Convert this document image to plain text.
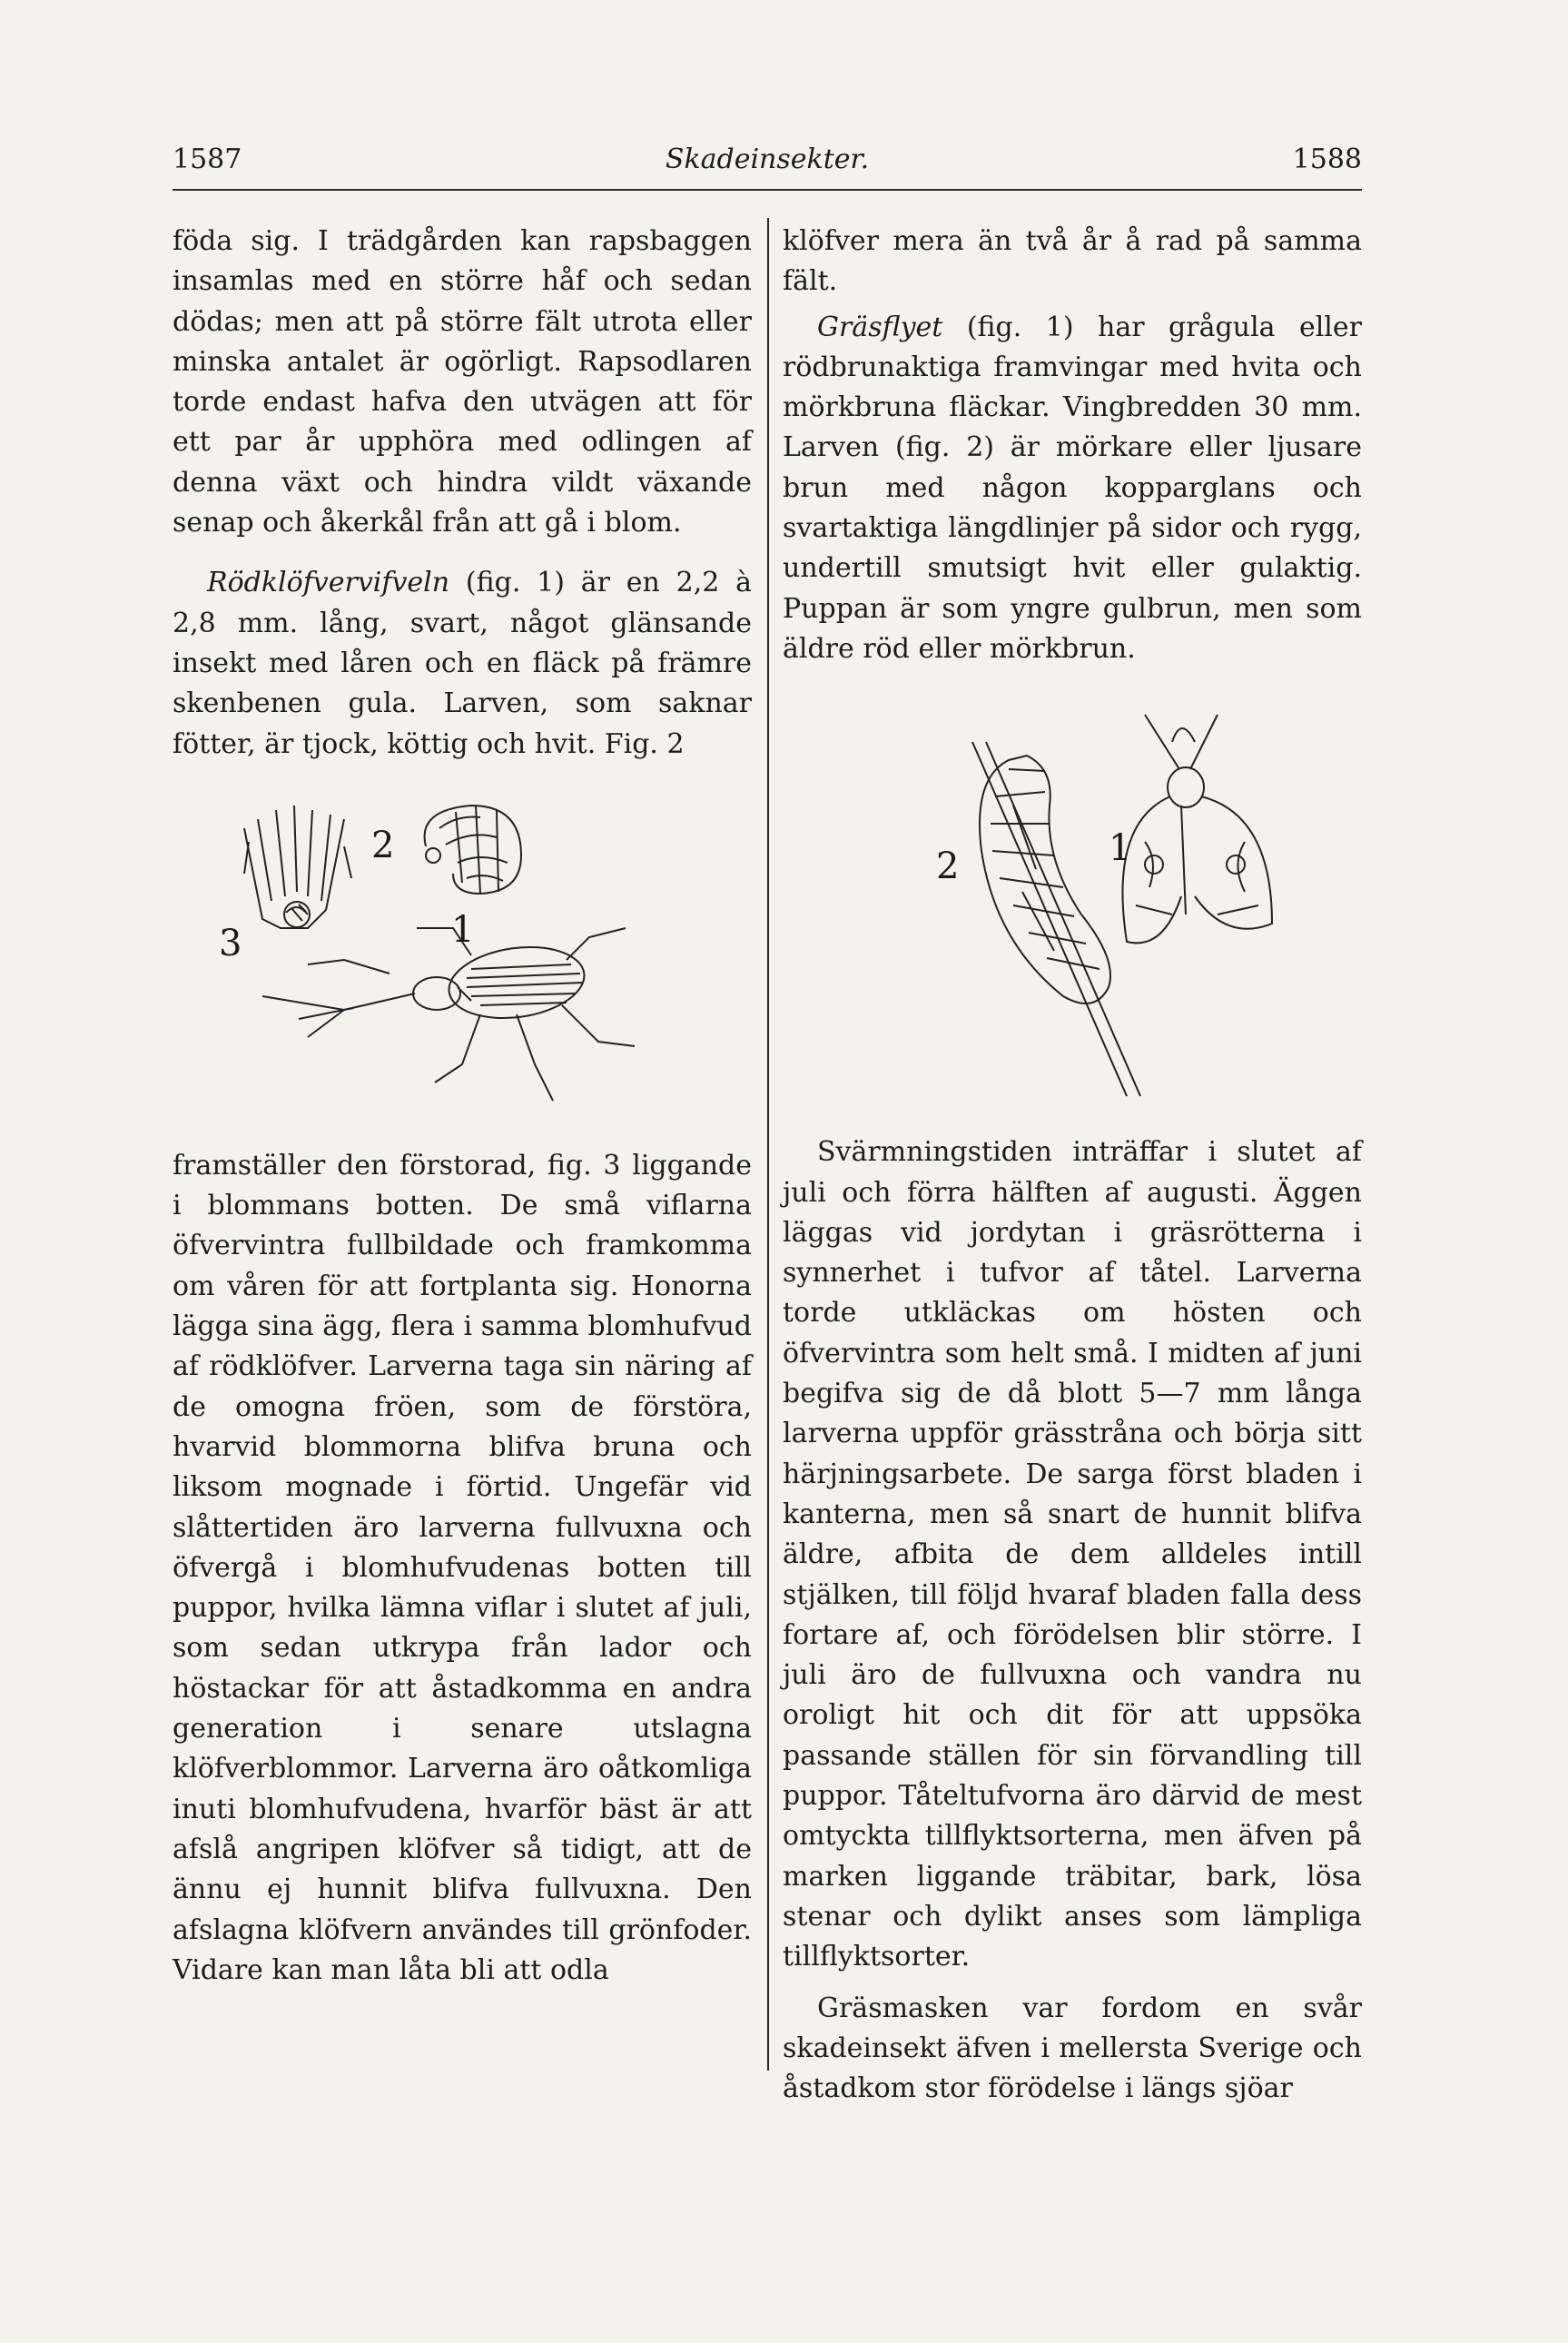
1587	Skadeinsekter.	1588

föda sig. I trädgården kan rapsbaggen insamlas med en större håf och sedan dödas; men att på större fält utrota eller minska antalet är ogörligt. Rapsodlaren torde endast hafva den utvägen att för ett par år upphöra med odlingen af denna växt och hindra vildt växande senap och åkerkål från att gå i blom.

Rödklöfvervifveln (fig. 1) är en 2,2 à 2,8 mm. lång, svart, något glänsande insekt med låren och en fläck på främre skenbenen gula. Larven, som saknar fötter, är tjock, köttig och hvit. Fig. 2

2
3	1

framställer den förstorad, fig. 3 liggande i blommans botten. De små viflarna öfvervintra fullbildade och framkomma om våren för att fortplanta sig. Honorna lägga sina ägg, flera i samma blomhufvud af rödklöfver. Larverna taga sin näring af de omogna fröen, som de förstöra, hvarvid blommorna blifva bruna och liksom mognade i förtid. Ungefär vid slåttertiden äro larverna fullvuxna och öfvergå i blomhufvudenas botten till puppor, hvilka lämna viflar i slutet af juli, som sedan utkrypa från lador och höstackar för att åstadkomma en andra generation i senare utslagna klöfverblommor. Larverna äro oåtkomliga inuti blomhufvudena, hvarför bäst är att afslå angripen klöfver så tidigt, att de ännu ej hunnit blifva fullvuxna. Den afslagna klöfvern användes till grönfoder. Vidare kan man låta bli att odla

klöfver mera än två år å rad på samma fält.

Gräsflyet (fig. 1) har grågula eller rödbrunaktiga framvingar med hvita och mörkbruna fläckar. Vingbredden 30 mm. Larven (fig. 2) är mörkare eller ljusare brun med någon kopparglans och svartaktiga längdlinjer på sidor och rygg, undertill smutsigt hvit eller gulaktig. Puppan är som yngre gulbrun, men som äldre röd eller mörkbrun.

2	1

Svärmningstiden inträffar i slutet af juli och förra hälften af augusti. Äggen läggas vid jordytan i gräsrötterna i synnerhet i tufvor af tåtel. Larverna torde utkläckas om hösten och öfvervintra som helt små. I midten af juni begifva sig de då blott 5—7 mm långa larverna uppför grässtråna och börja sitt härjningsarbete. De sarga först bladen i kanterna, men så snart de hunnit blifva äldre, afbita de dem alldeles intill stjälken, till följd hvaraf bladen falla dess fortare af, och förödelsen blir större. I juli äro de fullvuxna och vandra nu oroligt hit och dit för att uppsöka passande ställen för sin förvandling till puppor. Tåteltufvorna äro därvid de mest omtyckta tillflyktsorterna, men äfven på marken liggande träbitar, bark, lösa stenar och dylikt anses som lämpliga tillflyktsorter.

Gräsmasken var fordom en svår skadeinsekt äfven i mellersta Sverige och åstadkom stor förödelse i längs sjöar
